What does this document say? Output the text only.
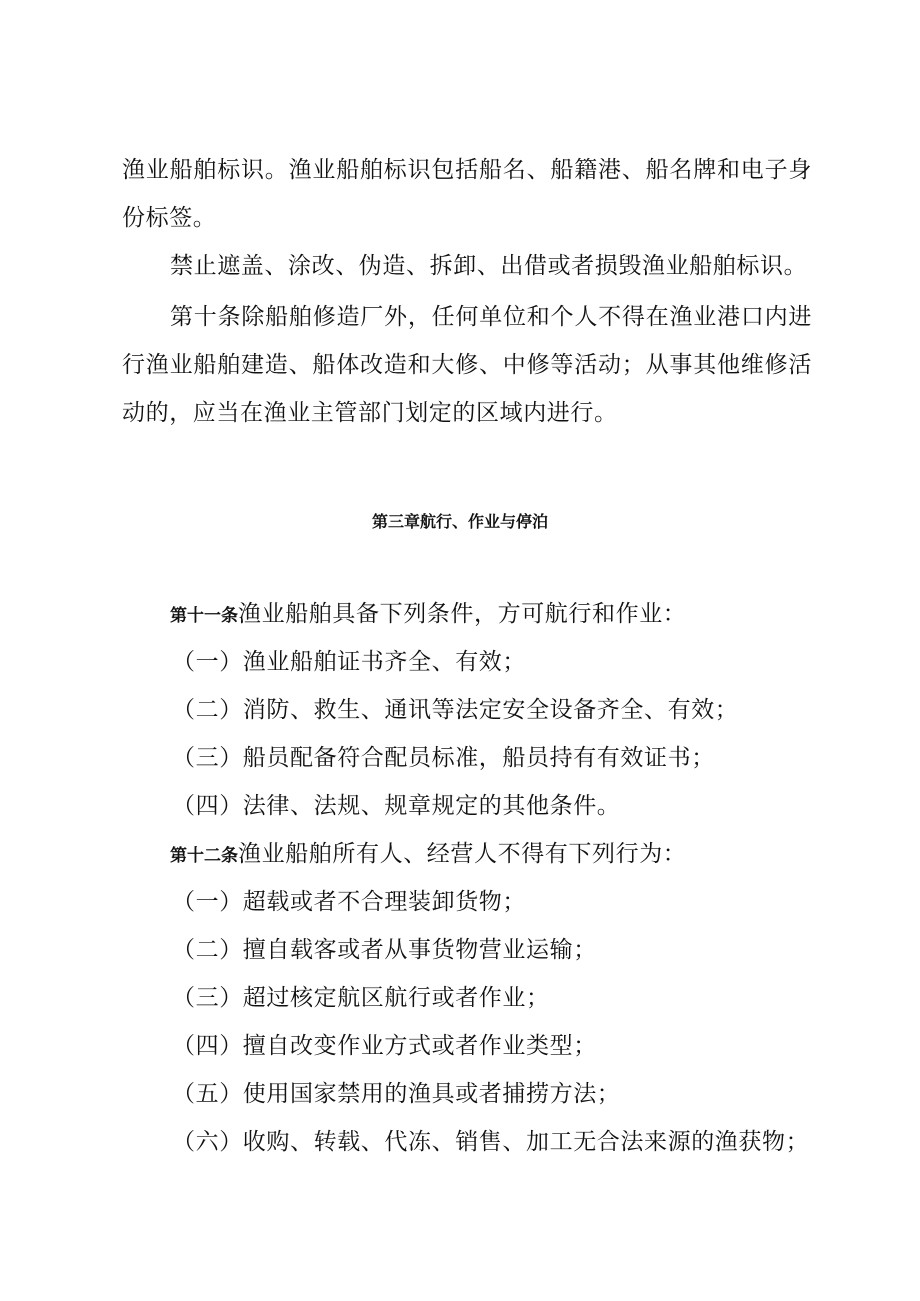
渔业船舶标识。渔业船舶标识包括船名、船籍港、船名牌和电子身份标签。

禁止遮盖、涂改、伪造、拆卸、出借或者损毁渔业船舶标识。

第十条除船舶修造厂外，任何单位和个人不得在渔业港口内进行渔业船舶建造、船体改造和大修、中修等活动；从事其他维修活动的，应当在渔业主管部门划定的区域内进行。

第三章航行、作业与停泊

第十一条渔业船舶具备下列条件，方可航行和作业：

（一）渔业船舶证书齐全、有效；

（二）消防、救生、通讯等法定安全设备齐全、有效；

（三）船员配备符合配员标准，船员持有有效证书；

（四）法律、法规、规章规定的其他条件。

第十二条渔业船舶所有人、经营人不得有下列行为：

（一）超载或者不合理装卸货物；

（二）擅自载客或者从事货物营业运输；

（三）超过核定航区航行或者作业；

（四）擅自改变作业方式或者作业类型；

（五）使用国家禁用的渔具或者捕捞方法；

（六）收购、转载、代冻、销售、加工无合法来源的渔获物；
